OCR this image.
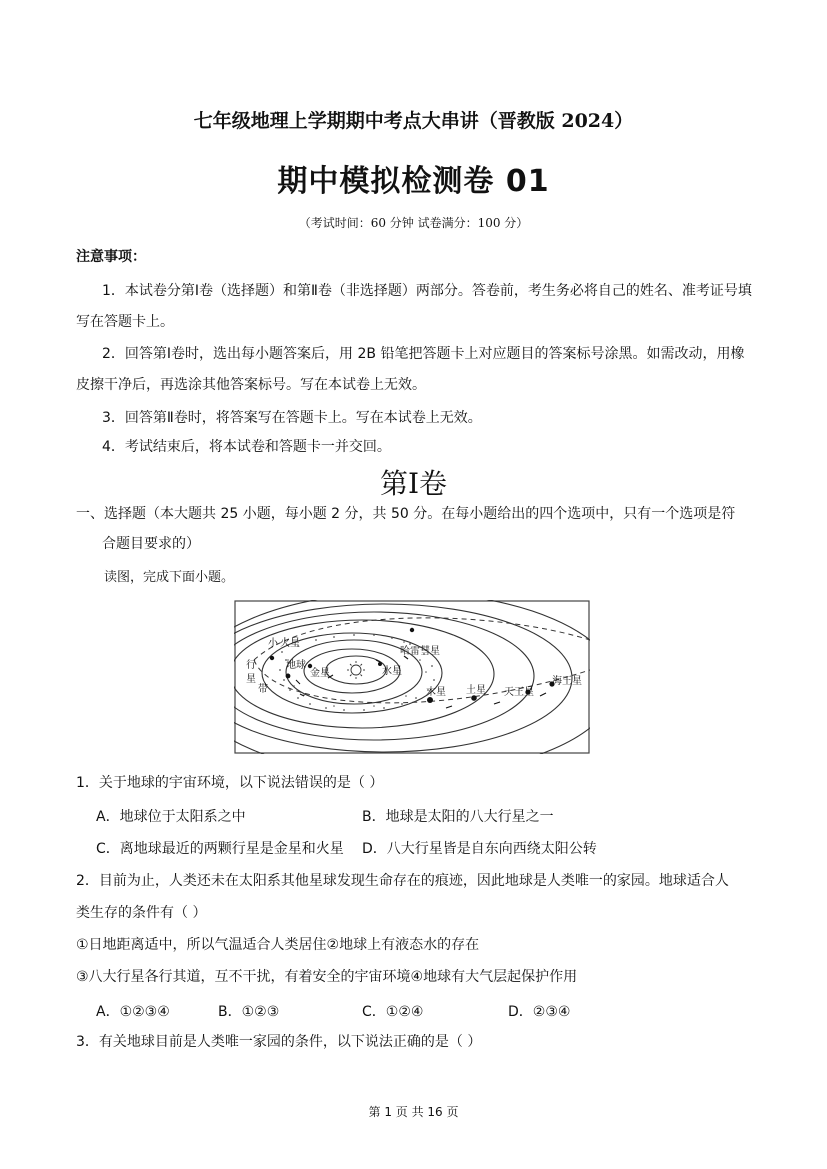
七年级地理上学期期中考点大串讲（晋教版 2024）
期中模拟检测卷 01
（考试时间：60 分钟 试卷满分：100 分）
注意事项：
1．本试卷分第Ⅰ卷（选择题）和第Ⅱ卷（非选择题）两部分。答卷前，考生务必将自己的姓名、准考证号填写在答题卡上。
2．回答第Ⅰ卷时，选出每小题答案后，用 2B 铅笔把答题卡上对应题目的答案标号涂黑。如需改动，用橡皮擦干净后，再选涂其他答案标号。写在本试卷上无效。
3．回答第Ⅱ卷时，将答案写在答题卡上。写在本试卷上无效。
4．考试结束后，将本试卷和答题卡一并交回。
第Ⅰ卷
一、选择题（本大题共 25 小题，每小题 2 分，共 50 分。在每小题给出的四个选项中，只有一个选项是符
合题目要求的）
读图，完成下面小题。
小 火星
行
星
带
地球
金星	水星
哈雷彗星
木星 土星 天王星
海王星
1．关于地球的宇宙环境，以下说法错误的是（ ）
A．地球位于太阳系之中	B．地球是太阳的八大行星之一
C．离地球最近的两颗行星是金星和火星 D．八大行星皆是自东向西绕太阳公转
2．目前为止，人类还未在太阳系其他星球发现生命存在的痕迹，因此地球是人类唯一的家园。地球适合人
类生存的条件有（ ）
①日地距离适中，所以气温适合人类居住②地球上有液态水的存在
③八大行星各行其道，互不干扰，有着安全的宇宙环境④地球有大气层起保护作用
A．①②③④	B．①②③	C．①②④	D．②③④
3．有关地球目前是人类唯一家园的条件，以下说法正确的是（ ）
第 1 页 共 16 页
